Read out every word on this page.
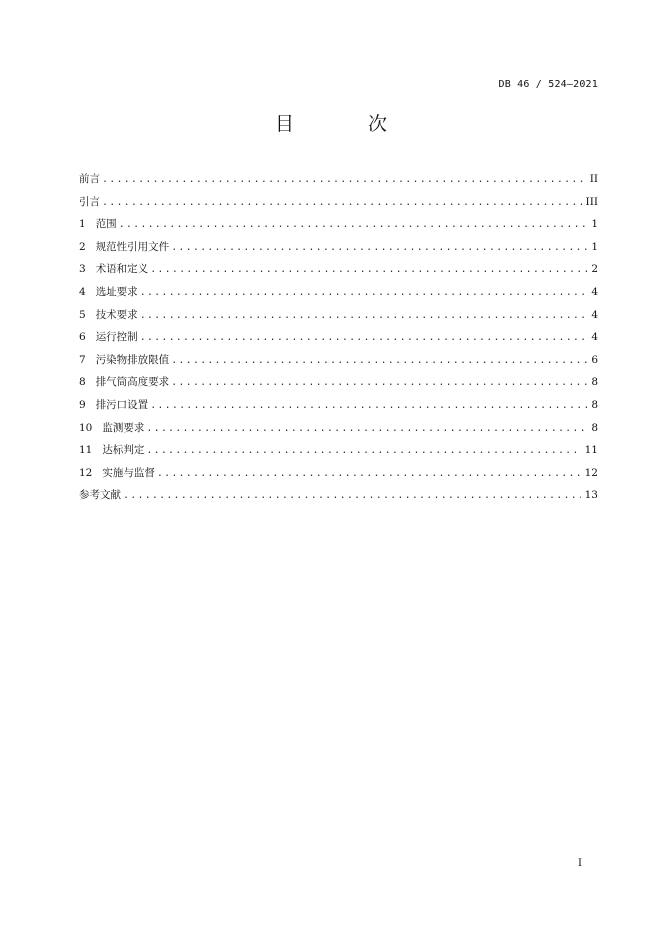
DB 46 / 524—2021
目 次
前言 .....	II
引言 .....	III
1 范围 .....	1
2 规范性引用文件 .....	1
3 术语和定义 .....	2
4 选址要求 .....	4
5 技术要求 .....	4
6 运行控制 .....	4
7 污染物排放限值 .....	6
8 排气筒高度要求 .....	8
9 排污口设置 .....	8
10 监测要求 .....	8
11 达标判定 .....	11
12 实施与监督 .....	12
参考文献 .....	13
I
